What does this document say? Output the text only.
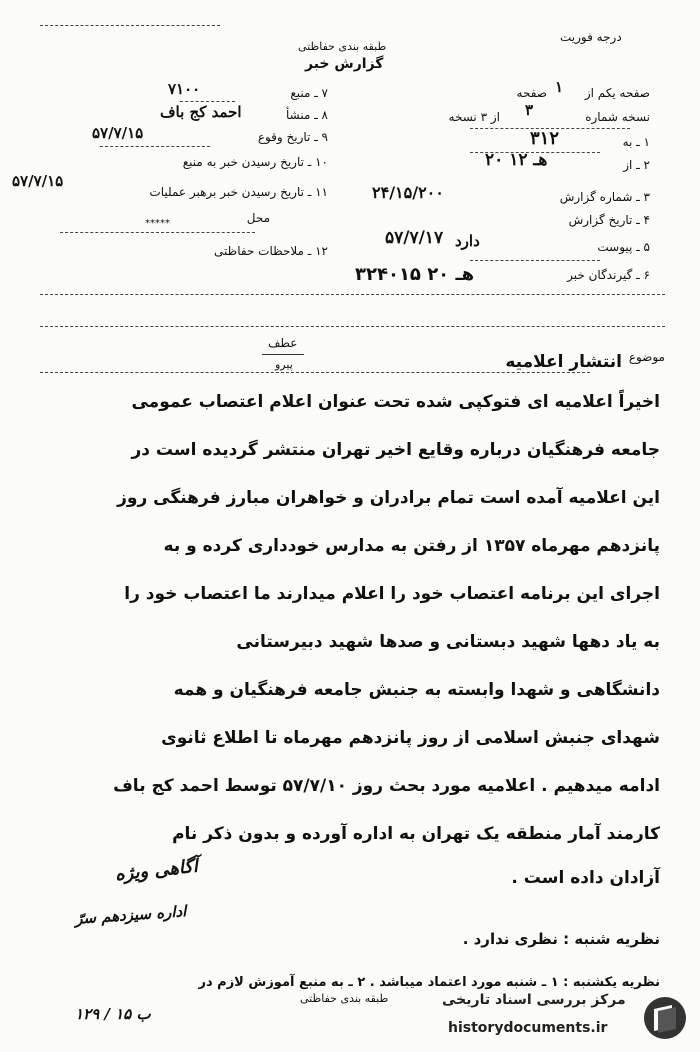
درجه فوریت
طبقه بندی حفاظتی
گزارش خبر
۷ ـ منبع
۷۱۰۰
۸ ـ منشأ
احمد کج باف
۹ ـ تاریخ وقوع
۵۷/۷/۱۵
۱۰ ـ تاریخ رسیدن خبر به منبع
۵۷/۷/۱۵
۱۱ ـ تاریخ رسیدن خبر برهبر عملیات
محل
*****
۱۲ ـ ملاحظات حفاظتی
صفحه یکم از
۱
صفحه
نسخه شماره
۳
از ۳ نسخه
۱ ـ به
۳۱۲
۲ ـ از
۲۰ هـ ۱۲
۳ ـ شماره گزارش
۲۴/۱۵/۲۰۰
۴ ـ تاریخ گزارش
۵۷/۷/۱۷	۵ ـ پیوست
دارد
۶ ـ گیرندگان خبر
۳۲۴۰۱۵ هـ ۲۰
عطف
پیرو
موضوع
انتشار اعلامیه
اخیراً اعلامیه ای فتوکپی شده تحت عنوان اعلام اعتصاب عمومی
جامعه فرهنگیان درباره وقایع اخیر تهران منتشر گردیده است در
این اعلامیه آمده است تمام برادران و خواهران مبارز فرهنگی روز
پانزدهم مهرماه ۱۳۵۷ از رفتن به مدارس خودداری کرده و به
اجرای این برنامه اعتصاب خود را اعلام میدارند ما اعتصاب خود را
به یاد دهها شهید دبستانی و صدها شهید دبیرستانی
دانشگاهی و شهدا وابسته به جنبش جامعه فرهنگیان و همه
شهدای جنبش اسلامی از روز پانزدهم مهرماه تا اطلاع ثانوی
ادامه میدهیم . اعلامیه مورد بحث روز ۵۷/۷/۱۰ توسط احمد کج باف
کارمند آمار منطقه یک تهران به اداره آورده و بدون ذکر نام
آزادان داده است .
آگاهی ویژه
اداره سیزدهم سرّ
نظریه شنبه : نظری ندارد .
نظریه یکشنبه : ۱ ـ شنبه مورد اعتماد میباشد . ۲ ـ به منبع آموزش لازم در
طبقه بندی حفاظتی
۱۲۹ / ۱۵ ب
مرکز بررسی اسناد تاریخی
historydocuments.ir
